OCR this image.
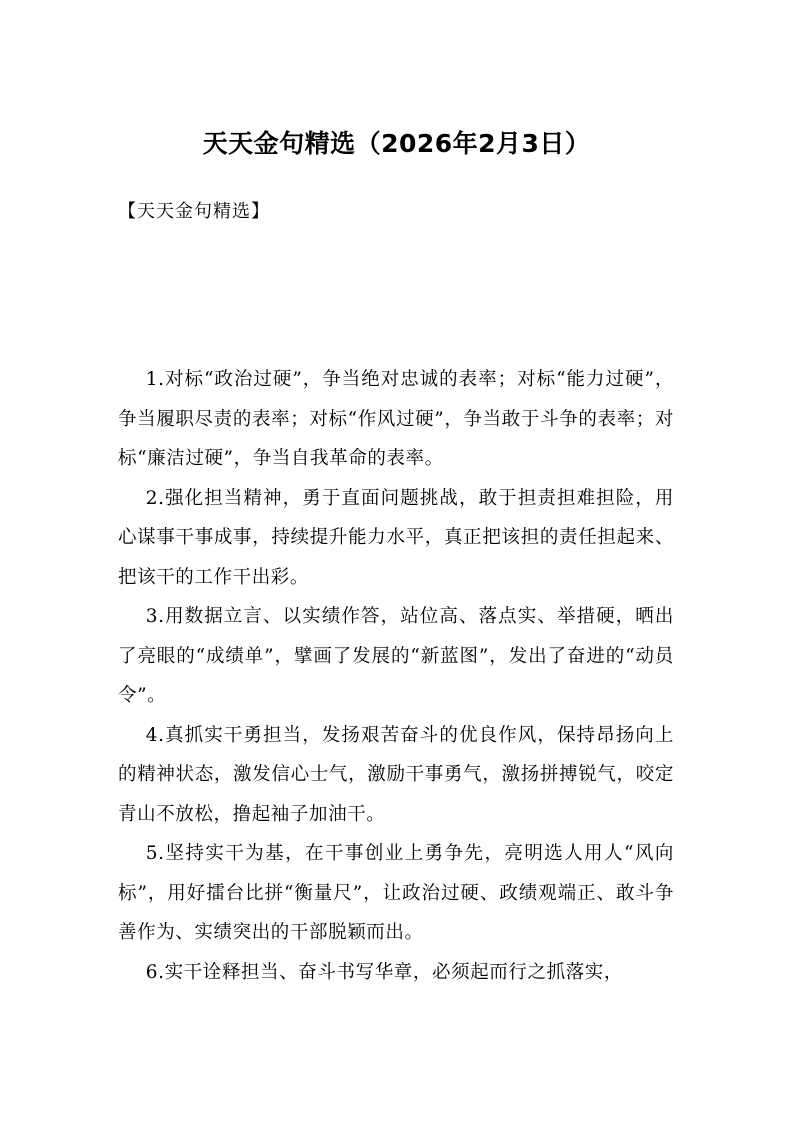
天天金句精选（2026年2月3日）

【天天金句精选】

1.对标“政治过硬”，争当绝对忠诚的表率；对标“能力过硬”，争当履职尽责的表率；对标“作风过硬”，争当敢于斗争的表率；对标“廉洁过硬”，争当自我革命的表率。

2.强化担当精神，勇于直面问题挑战，敢于担责担难担险，用心谋事干事成事，持续提升能力水平，真正把该担的责任担起来、把该干的工作干出彩。

3.用数据立言、以实绩作答，站位高、落点实、举措硬，晒出了亮眼的“成绩单”，擘画了发展的“新蓝图”，发出了奋进的“动员令”。

4.真抓实干勇担当，发扬艰苦奋斗的优良作风，保持昂扬向上的精神状态，激发信心士气，激励干事勇气，激扬拼搏锐气，咬定青山不放松，撸起袖子加油干。

5.坚持实干为基，在干事创业上勇争先，亮明选人用人“风向标”，用好擂台比拼“衡量尺”，让政治过硬、政绩观端正、敢斗争善作为、实绩突出的干部脱颖而出。

6.实干诠释担当、奋斗书写华章，必须起而行之抓落实，
